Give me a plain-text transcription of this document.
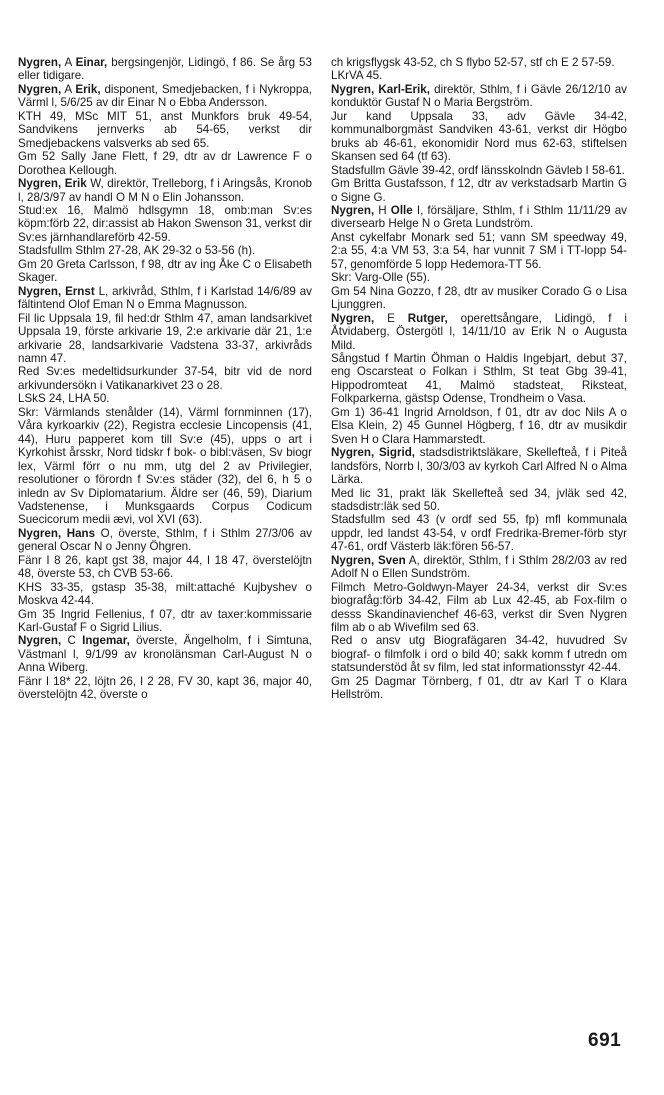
Nygren, A Einar, bergsingenjör, Lidingö, f 86. Se årg 53 eller tidigare.

Nygren, A Erik, disponent, Smedjebacken, f i Nykroppa, Värml l, 5/6/25 av dir Einar N o Ebba Andersson.

KTH 49, MSc MIT 51, anst Munkfors bruk 49-54, Sandvikens jernverks ab 54-65, verkst dir Smedjebackens valsverks ab sed 65.

Gm 52 Sally Jane Flett, f 29, dtr av dr Lawrence F o Dorothea Kellough.

Nygren, Erik W, direktör, Trelleborg, f i Aringsås, Kronob l, 28/3/97 av handl O M N o Elin Johansson.

Stud:ex 16, Malmö hdlsgymn 18, omb:man Sv:es köpm:förb 22, dir:assist ab Hakon Swenson 31, verkst dir Sv:es järnhandlareförb 42-59.

Stadsfullm Sthlm 27-28, AK 29-32 o 53-56 (h).

Gm 20 Greta Carlsson, f 98, dtr av ing Åke C o Elisabeth Skager.

Nygren, Ernst L, arkivråd, Sthlm, f i Karlstad 14/6/89 av fältintend Olof Eman N o Emma Magnusson.

Fil lic Uppsala 19, fil hed:dr Sthlm 47, aman landsarkivet Uppsala 19, förste arkivarie 19, 2:e arkivarie där 21, 1:e arkivarie 28, landsarkivarie Vadstena 33-37, arkivråds namn 47.

Red Sv:es medeltidsurkunder 37-54, bitr vid de nord arkivundersökn i Vatikanarkivet 23 o 28.

LSkS 24, LHA 50.

Skr: Värmlands stenålder (14), Värml fornminnen (17), Våra kyrkoarkiv (22), Registra ecclesie Lincopensis (41, 44), Huru papperet kom till Sv:e (45), upps o art i Kyrkohist årsskr, Nord tidskr f bok- o bibl:väsen, Sv biogr lex, Värml förr o nu mm, utg del 2 av Privilegier, resolutioner o förordn f Sv:es städer (32), del 6, h 5 o inledn av Sv Diplomatarium. Äldre ser (46, 59), Diarium Vadstenense, i Munksgaards Corpus Codicum Suecicorum medii ævi, vol XVI (63).

Nygren, Hans O, överste, Sthlm, f i Sthlm 27/3/06 av general Oscar N o Jenny Öhgren.

Fänr I 8 26, kapt gst 38, major 44, I 18 47, överstelöjtn 48, överste 53, ch CVB 53-66.

KHS 33-35, gstasp 35-38, milt:attaché Kujbyshev o Moskva 42-44.

Gm 35 Ingrid Fellenius, f 07, dtr av taxer:kommissarie Karl-Gustaf F o Sigrid Lilius.

Nygren, C Ingemar, överste, Ängelholm, f i Simtuna, Västmanl l, 9/1/99 av kronolänsman Carl-August N o Anna Wiberg.

Fänr I 18* 22, löjtn 26, I 2 28, FV 30, kapt 36, major 40, överstelöjtn 42, överste o

ch krigsflygsk 43-52, ch S flybo 52-57, stf ch E 2 57-59.

LKrVA 45.

Nygren, Karl-Erik, direktör, Sthlm, f i Gävle 26/12/10 av konduktör Gustaf N o Maria Bergström.

Jur kand Uppsala 33, adv Gävle 34-42, kommunalborgmäst Sandviken 43-61, verkst dir Högbo bruks ab 46-61, ekonomidir Nord mus 62-63, stiftelsen Skansen sed 64 (tf 63).

Stadsfullm Gävle 39-42, ordf länsskolndn Gävleb I 58-61.

Gm Britta Gustafsson, f 12, dtr av verkstadsarb Martin G o Signe G.

Nygren, H Olle I, försäljare, Sthlm, f i Sthlm 11/11/29 av diversearb Helge N o Greta Lundström.

Anst cykelfabr Monark sed 51; vann SM speedway 49, 2:a 55, 4:a VM 53, 3:a 54, har vunnit 7 SM i TT-lopp 54-57, genomförde 5 lopp Hedemora-TT 56.

Skr: Varg-Olle (55).

Gm 54 Nina Gozzo, f 28, dtr av musiker Corado G o Lisa Ljunggren.

Nygren, E Rutger, operettsångare, Lidingö, f i Åtvidaberg, Östergötl l, 14/11/10 av Erik N o Augusta Mild.

Sångstud f Martin Öhman o Haldis Ingebjart, debut 37, eng Oscarsteat o Folkan i Sthlm, St teat Gbg 39-41, Hippodromteat 41, Malmö stadsteat, Riksteat, Folkparkerna, gästsp Odense, Trondheim o Vasa.

Gm 1) 36-41 Ingrid Arnoldson, f 01, dtr av doc Nils A o Elsa Klein, 2) 45 Gunnel Högberg, f 16, dtr av musikdir Sven H o Clara Hammarstedt.

Nygren, Sigrid, stadsdistriktsläkare, Skellefteå, f i Piteå landsförs, Norrb l, 30/3/03 av kyrkoh Carl Alfred N o Alma Lärka.

Med lic 31, prakt läk Skellefteå sed 34, jvläk sed 42, stadsdistr:läk sed 50.

Stadsfullm sed 43 (v ordf sed 55, fp) mfl kommunala uppdr, led landst 43-54, v ordf Fredrika-Bremer-förb styr 47-61, ordf Västerb läk:fören 56-57.

Nygren, Sven A, direktör, Sthlm, f i Sthlm 28/2/03 av red Adolf N o Ellen Sundström.

Filmch Metro-Goldwyn-Mayer 24-34, verkst dir Sv:es biografåg:förb 34-42, Film ab Lux 42-45, ab Fox-film o desss Skandinavienchef 46-63, verkst dir Sven Nygren film ab o ab Wivefilm sed 63.

Red o ansv utg Biografägaren 34-42, huvudred Sv biograf- o filmfolk i ord o bild 40; sakk komm f utredn om statsunderstöd åt sv film, led stat informationsstyr 42-44.

Gm 25 Dagmar Törnberg, f 01, dtr av Karl T o Klara Hellström.

691
